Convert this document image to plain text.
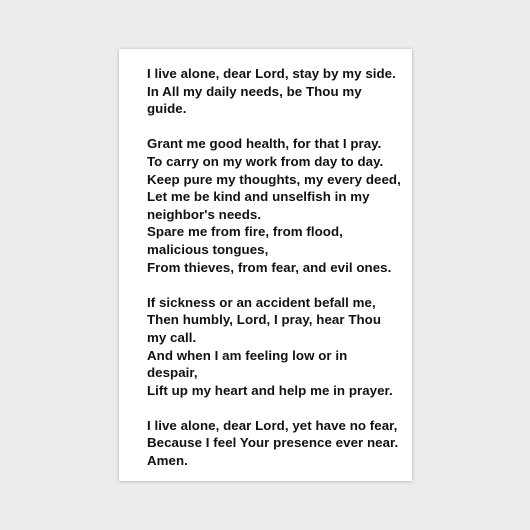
I live alone, dear Lord, stay by my side.
In All my daily needs, be Thou my
guide.
Grant me good health, for that I pray.
To carry on my work from day to day.
Keep pure my thoughts, my every deed,
Let me be kind and unselfish in my
neighbor's needs.
Spare me from fire, from flood,
malicious tongues,
From thieves, from fear, and evil ones.
If sickness or an accident befall me,
Then humbly, Lord, I pray, hear Thou
my call.
And when I am feeling low or in
despair,
Lift up my heart and help me in prayer.
I live alone, dear Lord, yet have no fear,
Because I feel Your presence ever near.
Amen.
